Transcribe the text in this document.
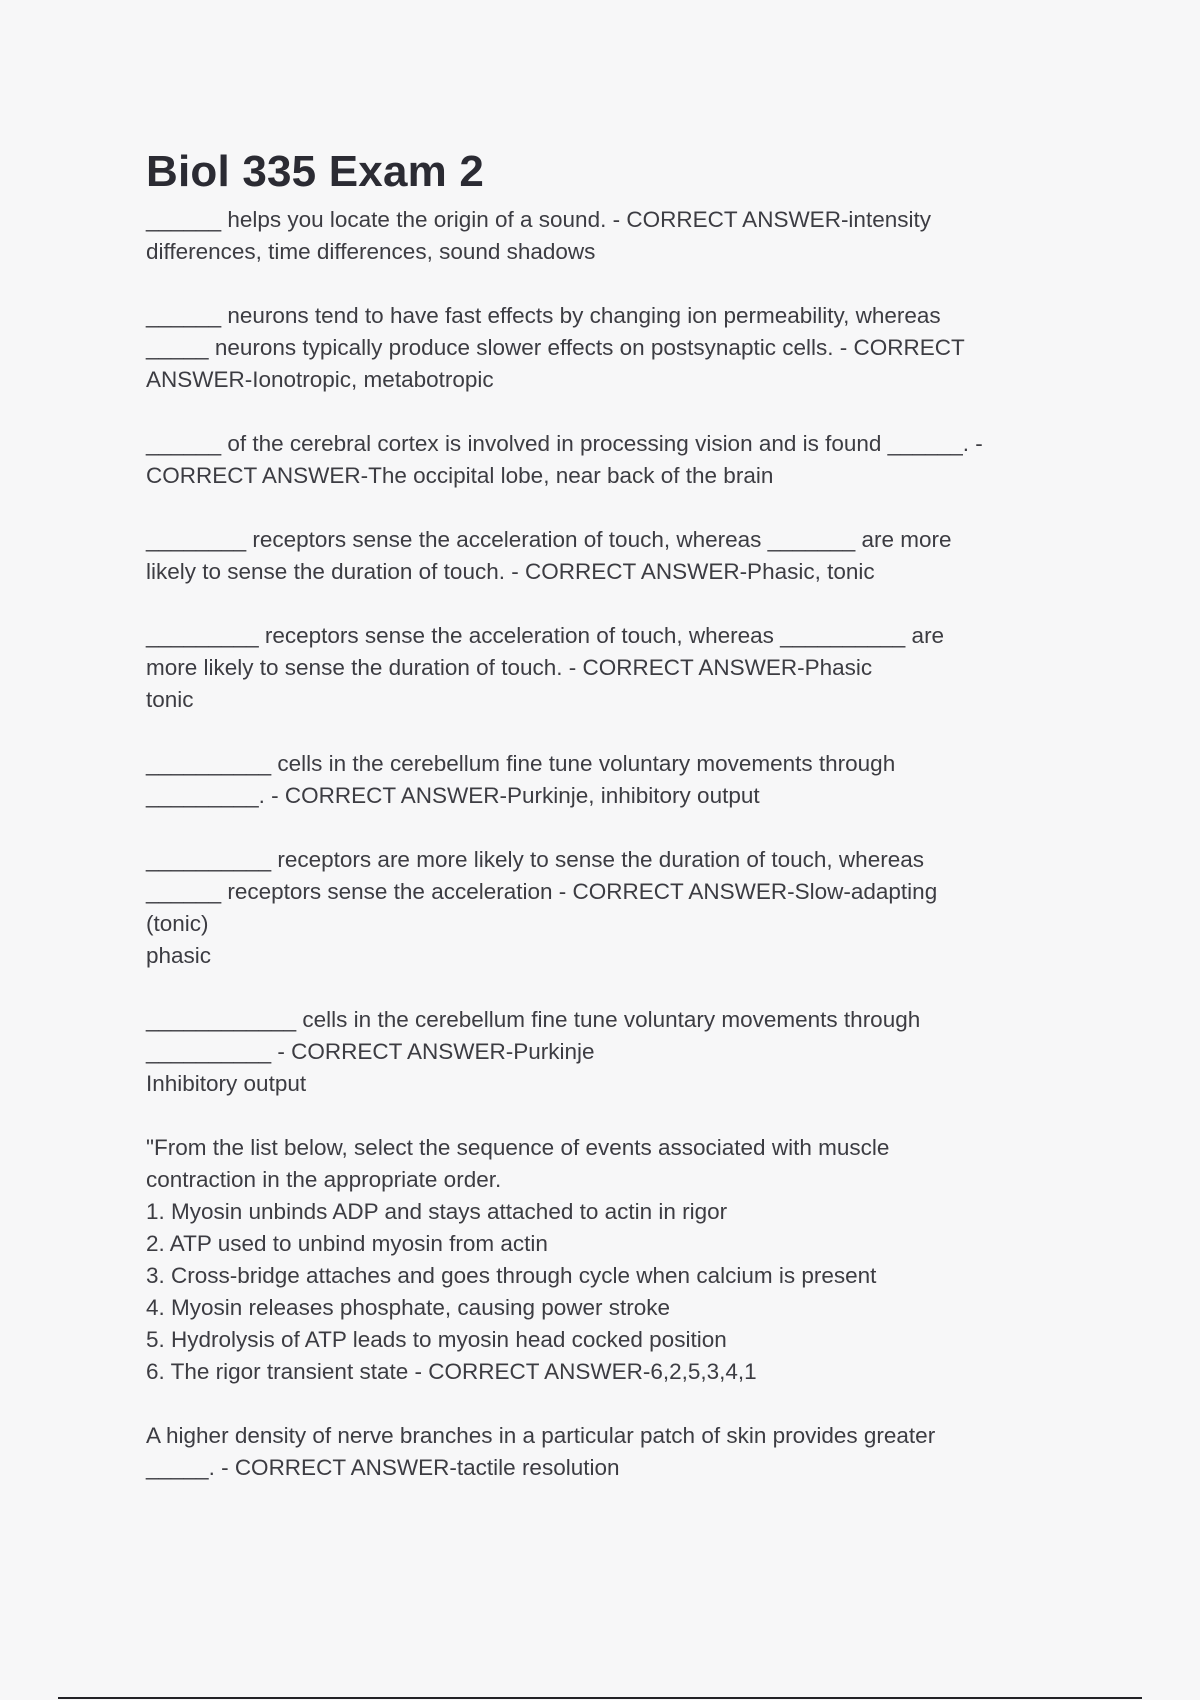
Biol 335 Exam 2
______ helps you locate the origin of a sound. - CORRECT ANSWER-intensity
differences, time differences, sound shadows
______ neurons tend to have fast effects by changing ion permeability, whereas
_____ neurons typically produce slower effects on postsynaptic cells. - CORRECT
ANSWER-Ionotropic, metabotropic
______ of the cerebral cortex is involved in processing vision and is found ______. -
CORRECT ANSWER-The occipital lobe, near back of the brain
________ receptors sense the acceleration of touch, whereas _______ are more
likely to sense the duration of touch. - CORRECT ANSWER-Phasic, tonic
_________ receptors sense the acceleration of touch, whereas __________ are
more likely to sense the duration of touch. - CORRECT ANSWER-Phasic
tonic
__________ cells in the cerebellum fine tune voluntary movements through
_________. - CORRECT ANSWER-Purkinje, inhibitory output
__________ receptors are more likely to sense the duration of touch, whereas
______ receptors sense the acceleration - CORRECT ANSWER-Slow-adapting
(tonic)
phasic
____________ cells in the cerebellum fine tune voluntary movements through
__________ - CORRECT ANSWER-Purkinje
Inhibitory output
"From the list below, select the sequence of events associated with muscle
contraction in the appropriate order.
1. Myosin unbinds ADP and stays attached to actin in rigor
2. ATP used to unbind myosin from actin
3. Cross-bridge attaches and goes through cycle when calcium is present
4. Myosin releases phosphate, causing power stroke
5. Hydrolysis of ATP leads to myosin head cocked position
6. The rigor transient state - CORRECT ANSWER-6,2,5,3,4,1
A higher density of nerve branches in a particular patch of skin provides greater
_____. - CORRECT ANSWER-tactile resolution
